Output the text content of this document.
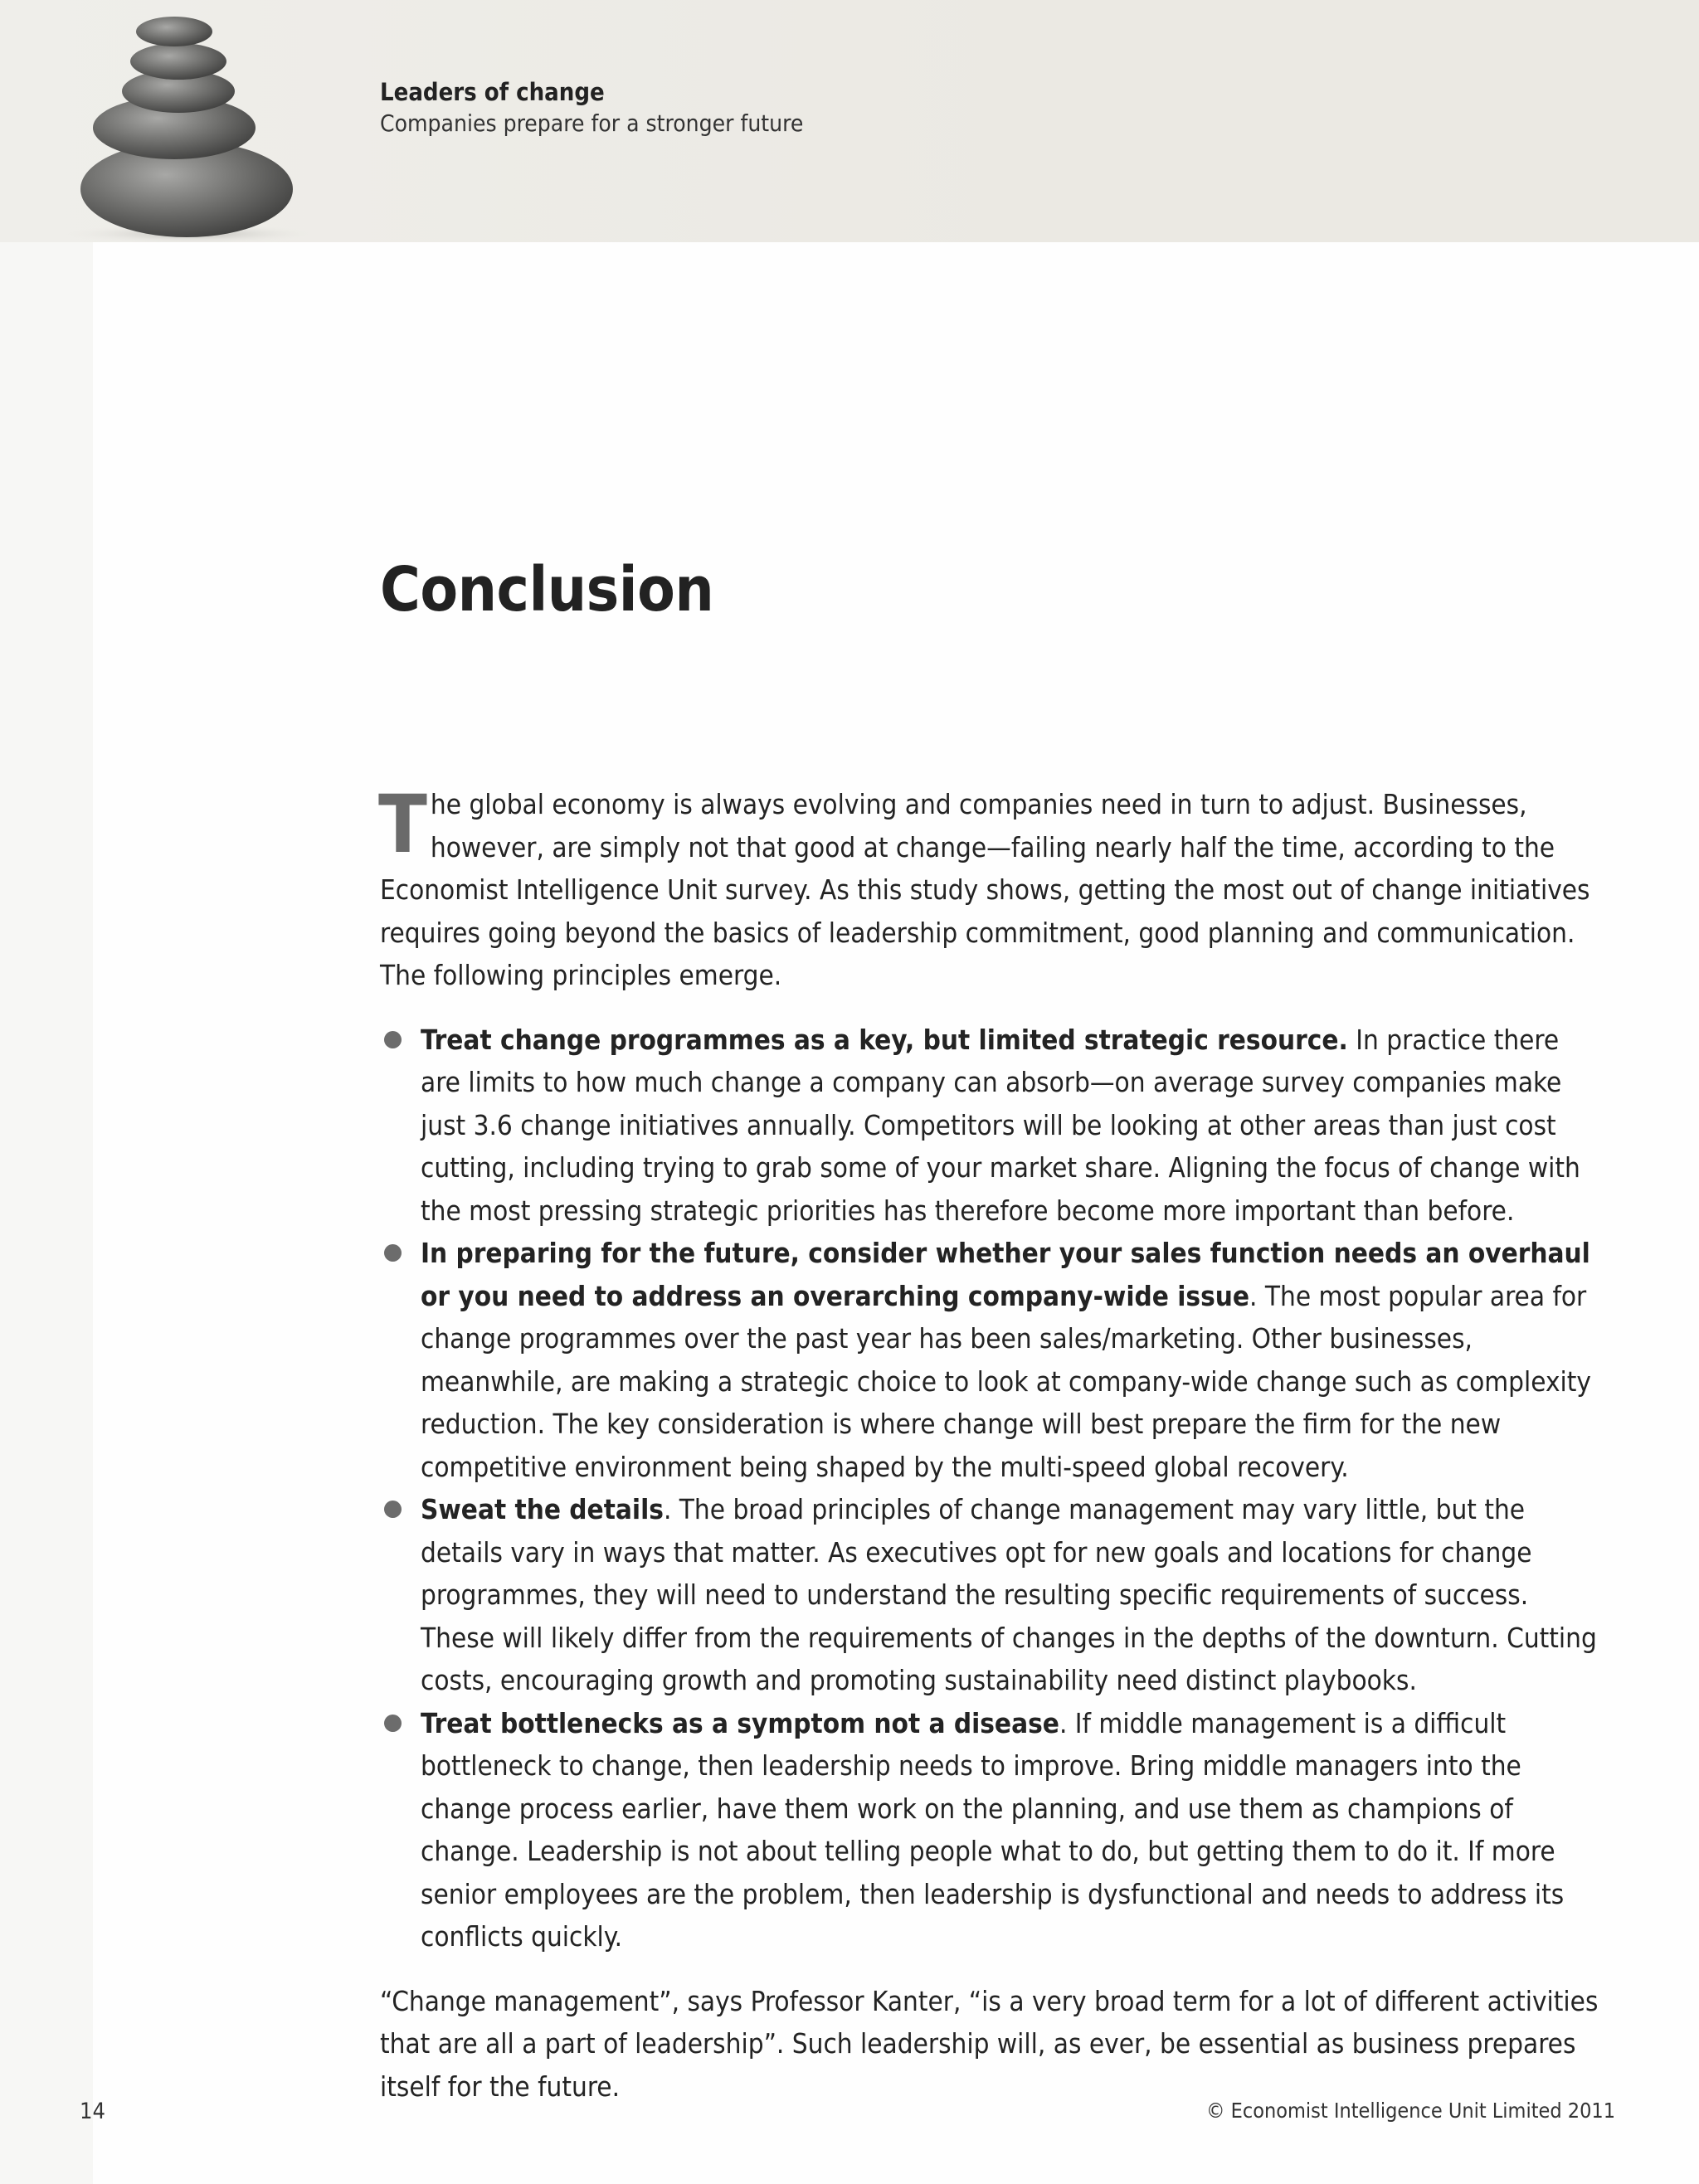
Leaders of change
Companies prepare for a stronger future
Conclusion

The global economy is always evolving and companies need in turn to adjust. Businesses, however, are simply not that good at change—failing nearly half the time, according to the Economist Intelligence Unit survey. As this study shows, getting the most out of change initiatives requires going beyond the basics of leadership commitment, good planning and communication. The following principles emerge.

Treat change programmes as a key, but limited strategic resource. In practice there are limits to how much change a company can absorb—on average survey companies make just 3.6 change initiatives annually. Competitors will be looking at other areas than just cost cutting, including trying to grab some of your market share. Aligning the focus of change with the most pressing strategic priorities has therefore become more important than before.
In preparing for the future, consider whether your sales function needs an overhaul or you need to address an overarching company-wide issue. The most popular area for change programmes over the past year has been sales/marketing. Other businesses, meanwhile, are making a strategic choice to look at company-wide change such as complexity reduction. The key consideration is where change will best prepare the firm for the new competitive environment being shaped by the multi-speed global recovery.
Sweat the details. The broad principles of change management may vary little, but the details vary in ways that matter. As executives opt for new goals and locations for change programmes, they will need to understand the resulting specific requirements of success. These will likely differ from the requirements of changes in the depths of the downturn. Cutting costs, encouraging growth and promoting sustainability need distinct playbooks.
Treat bottlenecks as a symptom not a disease. If middle management is a difficult bottleneck to change, then leadership needs to improve. Bring middle managers into the change process earlier, have them work on the planning, and use them as champions of change. Leadership is not about telling people what to do, but getting them to do it. If more senior employees are the problem, then leadership is dysfunctional and needs to address its conflicts quickly.

“Change management”, says Professor Kanter, “is a very broad term for a lot of different activities that are all a part of leadership”. Such leadership will, as ever, be essential as business prepares itself for the future.

14	© Economist Intelligence Unit Limited 2011
